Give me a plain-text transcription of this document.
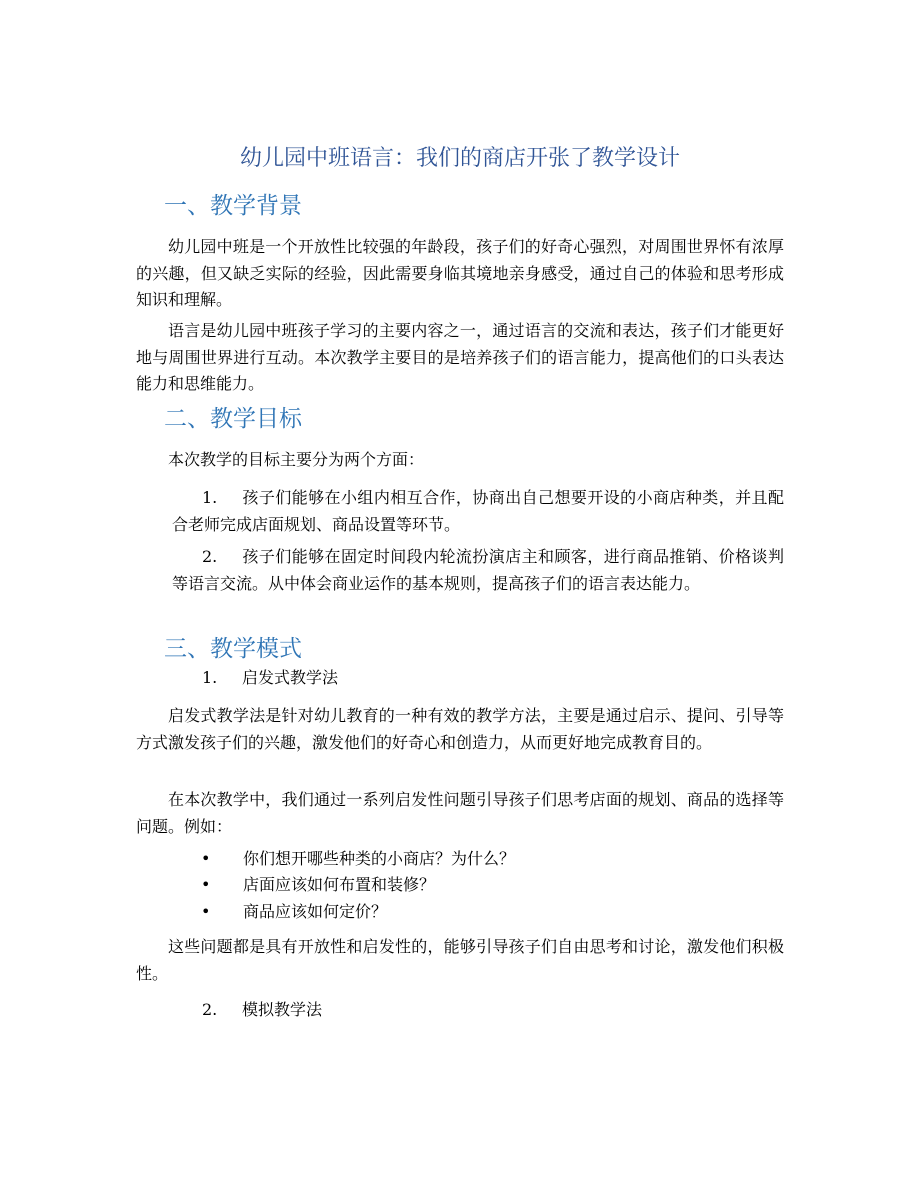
幼儿园中班语言：我们的商店开张了教学设计
一、教学背景

幼儿园中班是一个开放性比较强的年龄段，孩子们的好奇心强烈，对周围世界怀有浓厚的兴趣，但又缺乏实际的经验，因此需要身临其境地亲身感受，通过自己的体验和思考形成知识和理解。

语言是幼儿园中班孩子学习的主要内容之一，通过语言的交流和表达，孩子们才能更好地与周围世界进行互动。本次教学主要目的是培养孩子们的语言能力，提高他们的口头表达能力和思维能力。

二、教学目标

本次教学的目标主要分为两个方面：

1. 孩子们能够在小组内相互合作，协商出自己想要开设的小商店种类，并且配合老师完成店面规划、商品设置等环节。

2. 孩子们能够在固定时间段内轮流扮演店主和顾客，进行商品推销、价格谈判等语言交流。从中体会商业运作的基本规则，提高孩子们的语言表达能力。

三、教学模式

1. 启发式教学法

启发式教学法是针对幼儿教育的一种有效的教学方法，主要是通过启示、提问、引导等方式激发孩子们的兴趣，激发他们的好奇心和创造力，从而更好地完成教育目的。

在本次教学中，我们通过一系列启发性问题引导孩子们思考店面的规划、商品的选择等问题。例如：

• 你们想开哪些种类的小商店？为什么？

• 店面应该如何布置和装修？

• 商品应该如何定价？

这些问题都是具有开放性和启发性的，能够引导孩子们自由思考和讨论，激发他们积极性。

2. 模拟教学法
